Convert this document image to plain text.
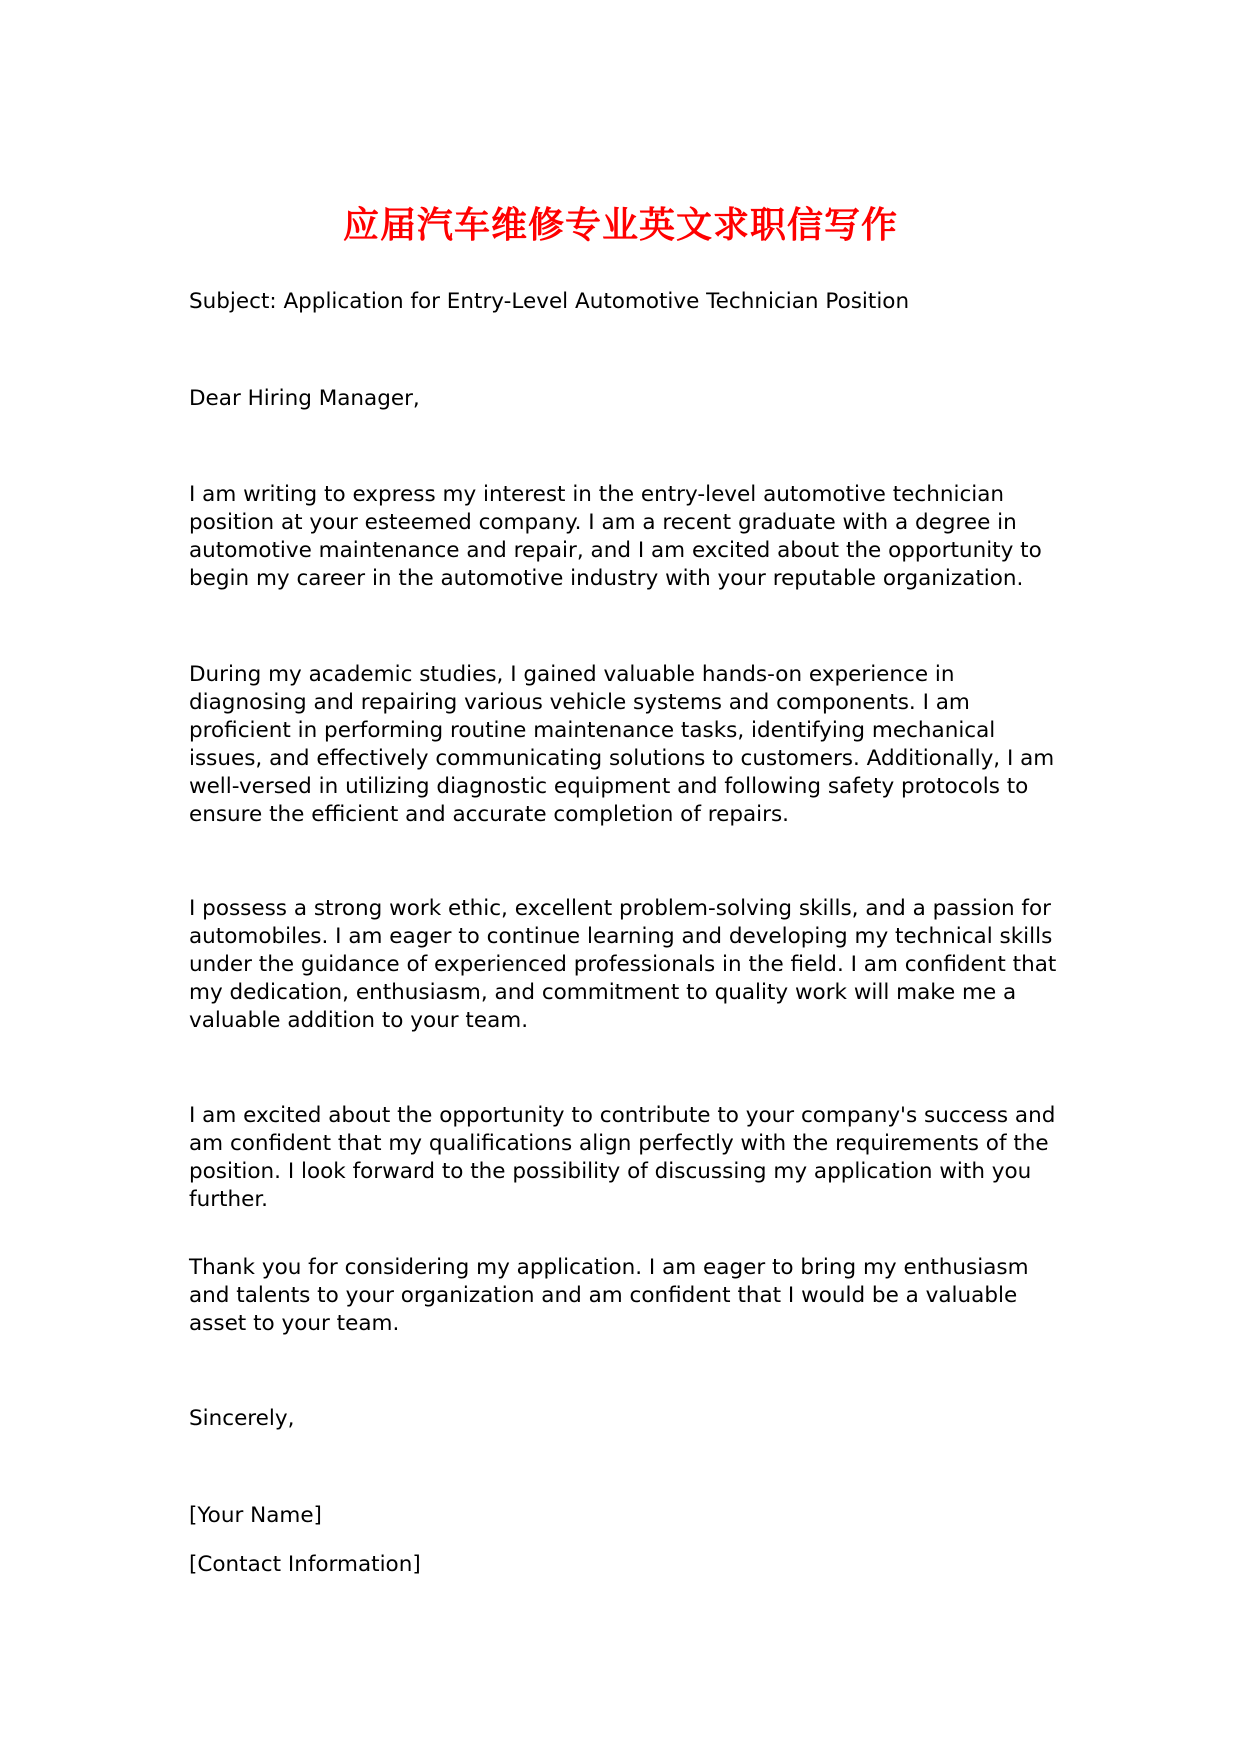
应届汽车维修专业英文求职信写作

Subject: Application for Entry-Level Automotive Technician Position

Dear Hiring Manager,

I am writing to express my interest in the entry-level automotive technician position at your esteemed company. I am a recent graduate with a degree in automotive maintenance and repair, and I am excited about the opportunity to begin my career in the automotive industry with your reputable organization.

During my academic studies, I gained valuable hands-on experience in diagnosing and repairing various vehicle systems and components. I am proficient in performing routine maintenance tasks, identifying mechanical issues, and effectively communicating solutions to customers. Additionally, I am well-versed in utilizing diagnostic equipment and following safety protocols to ensure the efficient and accurate completion of repairs.

I possess a strong work ethic, excellent problem-solving skills, and a passion for automobiles. I am eager to continue learning and developing my technical skills under the guidance of experienced professionals in the field. I am confident that my dedication, enthusiasm, and commitment to quality work will make me a valuable addition to your team.

I am excited about the opportunity to contribute to your company's success and am confident that my qualifications align perfectly with the requirements of the position. I look forward to the possibility of discussing my application with you further.

Thank you for considering my application. I am eager to bring my enthusiasm and talents to your organization and am confident that I would be a valuable asset to your team.

Sincerely,

[Your Name]

[Contact Information]
